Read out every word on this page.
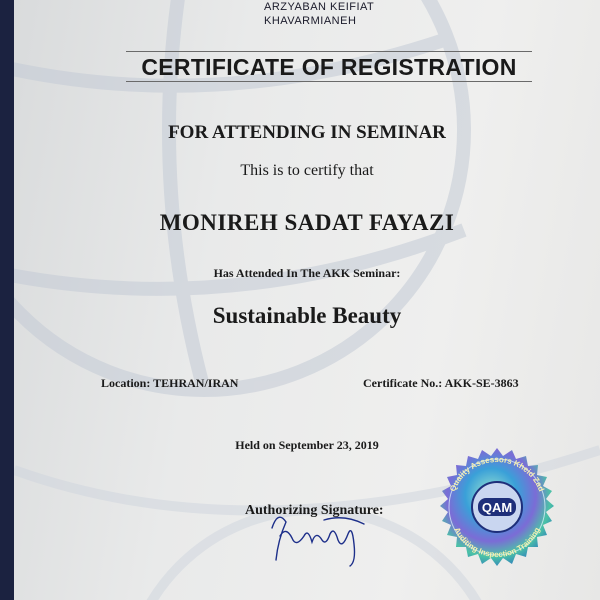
ARZYABAN KEIFIAT
KHAVARMIANEH
CERTIFICATE OF REGISTRATION
FOR ATTENDING IN SEMINAR
This is to certify that
MONIREH SADAT FAYAZI
Has Attended In The AKK Seminar:
Sustainable Beauty
Location: TEHRAN/IRAN	Certificate No.: AKK-SE-3863
Held on September 23, 2019
Authorizing Signature:
Quality Assessors Kheid Zad
Auditing Inspection Training
QAM
